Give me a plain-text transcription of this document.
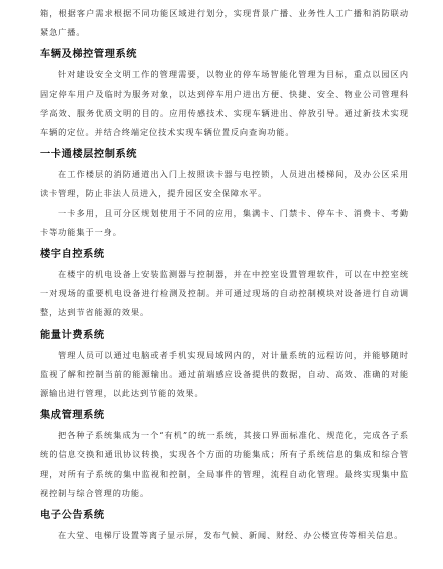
箱，根据客户需求根据不同功能区域进行划分，实现背景广播、业务性人工广播和消防联动紧急广播。

车辆及梯控管理系统

针对建设安全文明工作的管理需要，以物业的停车场智能化管理为目标，重点以园区内固定停车用户及临时为服务对象，以达到停车用户进出方便、快捷、安全、物业公司管理科学高效、服务优质文明的目的。应用传感技术、实现车辆进出、停放引导。通过新技术实现车辆的定位。并结合终端定位技术实现车辆位置反向查询功能。

一卡通楼层控制系统

在工作楼层的消防通道出入门上按照读卡器与电控锁，人员进出楼梯间，及办公区采用读卡管理，防止非法人员进入，提升园区安全保障水平。

一卡多用，且可分区规划使用于不同的应用，集满卡、门禁卡、停车卡、消费卡、考勤卡等功能集于一身。

楼宇自控系统

在楼宇的机电设备上安装监测器与控制器，并在中控室设置管理软件，可以在中控室统一对现场的重要机电设备进行检测及控制。并可通过现场的自动控制模块对设备进行自动调整，达到节省能源的效果。

能量计费系统

管理人员可以通过电脑或者手机实现局域网内的，对计量系统的远程访问，并能够随时监视了解和控制当前的能源输出。通过前端感应设备提供的数据，自动、高效、准确的对能源输出进行管理，以此达到节能的效果。

集成管理系统

把各种子系统集成为一个“有机”的统一系统，其接口界面标准化、规范化，完成各子系统的信息交换和通讯协议转换，实现各个方面的功能集成；所有子系统信息的集成和综合管理，对所有子系统的集中监视和控制，全局事件的管理，流程自动化管理。最终实现集中监视控制与综合管理的功能。

电子公告系统

在大堂、电梯厅设置等离子显示屏，发布气候、新闻、财经、办公楼宣传等相关信息。
